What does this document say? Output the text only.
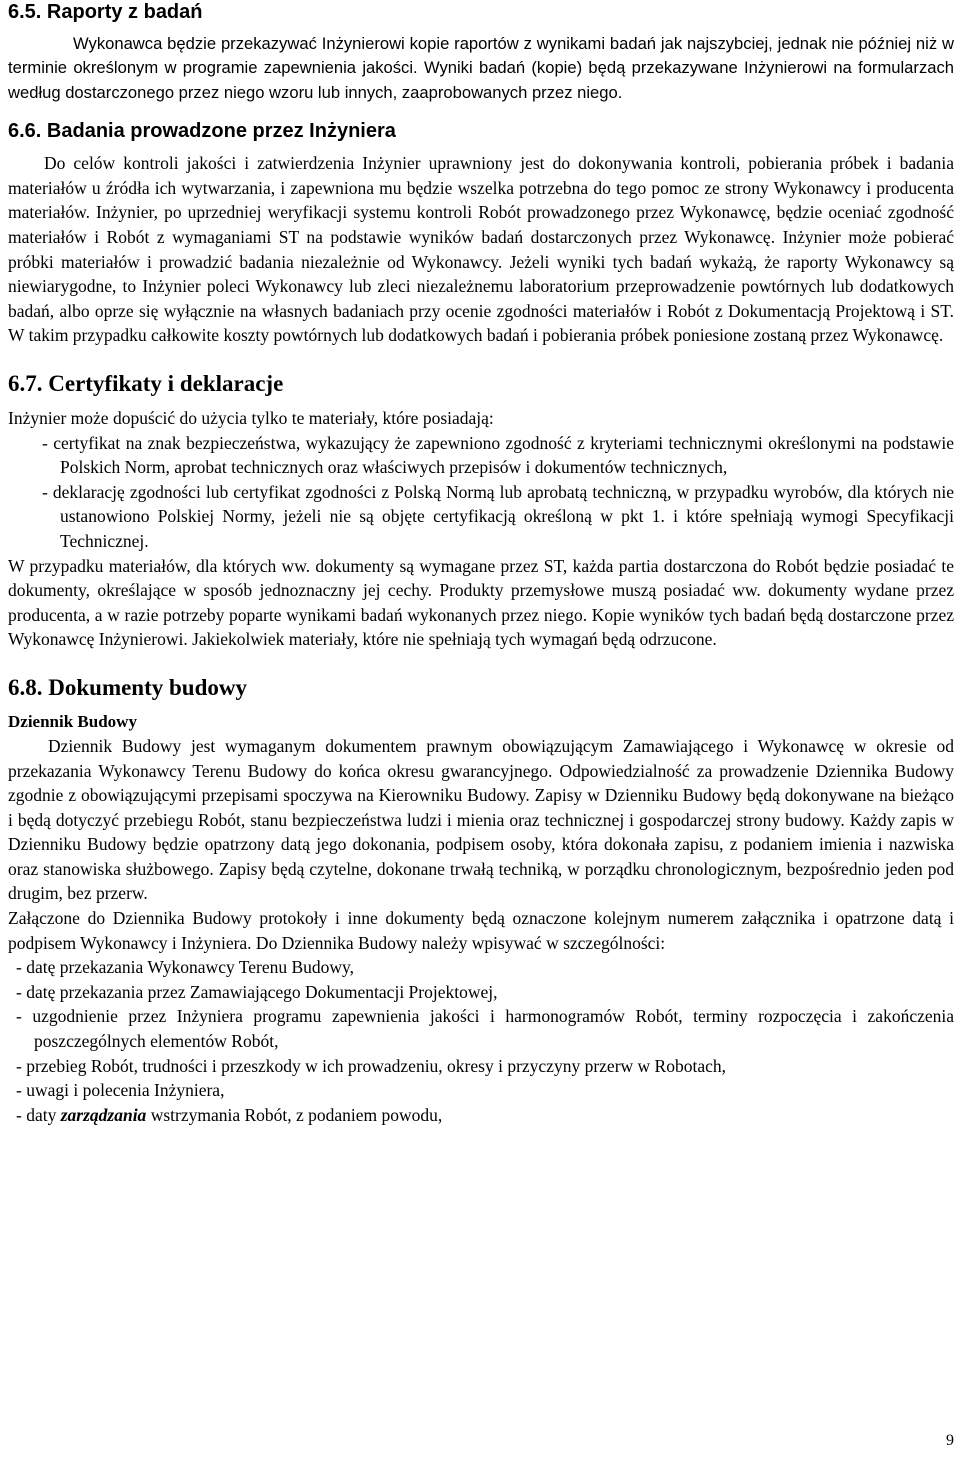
6.5. Raporty z badań

Wykonawca będzie przekazywać Inżynierowi kopie raportów z wynikami badań jak najszybciej, jednak nie później niż w terminie określonym w programie zapewnienia jakości. Wyniki badań (kopie) będą przekazywane Inżynierowi na formularzach według dostarczonego przez niego wzoru lub innych, zaaprobowanych przez niego.

6.6. Badania prowadzone przez Inżyniera

Do celów kontroli jakości i zatwierdzenia Inżynier uprawniony jest do dokonywania kontroli, pobierania próbek i badania materiałów u źródła ich wytwarzania, i zapewniona mu będzie wszelka potrzebna do tego pomoc ze strony Wykonawcy i producenta materiałów. Inżynier, po uprzedniej weryfikacji systemu kontroli Robót prowadzonego przez Wykonawcę, będzie oceniać zgodność materiałów i Robót z wymaganiami ST na podstawie wyników badań dostarczonych przez Wykonawcę. Inżynier może pobierać próbki materiałów i prowadzić badania niezależnie od Wykonawcy. Jeżeli wyniki tych badań wykażą, że raporty Wykonawcy są niewiarygodne, to Inżynier poleci Wykonawcy lub zleci niezależnemu laboratorium przeprowadzenie powtórnych lub dodatkowych badań, albo oprze się wyłącznie na własnych badaniach przy ocenie zgodności materiałów i Robót z Dokumentacją Projektową i ST. W takim przypadku całkowite koszty powtórnych lub dodatkowych badań i pobierania próbek poniesione zostaną przez Wykonawcę.

6.7. Certyfikaty i deklaracje

Inżynier może dopuścić do użycia tylko te materiały, które posiadają:

- certyfikat na znak bezpieczeństwa, wykazujący że zapewniono zgodność z kryteriami technicznymi określonymi na podstawie Polskich Norm, aprobat technicznych oraz właściwych przepisów i dokumentów technicznych,
- deklarację zgodności lub certyfikat zgodności z Polską Normą lub aprobatą techniczną, w przypadku wyrobów, dla których nie ustanowiono Polskiej Normy, jeżeli nie są objęte certyfikacją określoną w pkt 1. i które spełniają wymogi Specyfikacji Technicznej.

W przypadku materiałów, dla których ww. dokumenty są wymagane przez ST, każda partia dostarczona do Robót będzie posiadać te dokumenty, określające w sposób jednoznaczny jej cechy. Produkty przemysłowe muszą posiadać ww. dokumenty wydane przez producenta, a w razie potrzeby poparte wynikami badań wykonanych przez niego. Kopie wyników tych badań będą dostarczone przez Wykonawcę Inżynierowi. Jakiekolwiek materiały, które nie spełniają tych wymagań będą odrzucone.

6.8. Dokumenty budowy
Dziennik Budowy

Dziennik Budowy jest wymaganym dokumentem prawnym obowiązującym Zamawiającego i Wykonawcę w okresie od przekazania Wykonawcy Terenu Budowy do końca okresu gwarancyjnego. Odpowiedzialność za prowadzenie Dziennika Budowy zgodnie z obowiązującymi przepisami spoczywa na Kierowniku Budowy. Zapisy w Dzienniku Budowy będą dokonywane na bieżąco i będą dotyczyć przebiegu Robót, stanu bezpieczeństwa ludzi i mienia oraz technicznej i gospodarczej strony budowy. Każdy zapis w Dzienniku Budowy będzie opatrzony datą jego dokonania, podpisem osoby, która dokonała zapisu, z podaniem imienia i nazwiska oraz stanowiska służbowego. Zapisy będą czytelne, dokonane trwałą techniką, w porządku chronologicznym, bezpośrednio jeden pod drugim, bez przerw.

Załączone do Dziennika Budowy protokoły i inne dokumenty będą oznaczone kolejnym numerem załącznika i opatrzone datą i podpisem Wykonawcy i Inżyniera. Do Dziennika Budowy należy wpisywać w szczególności:

- datę przekazania Wykonawcy Terenu Budowy,
- datę przekazania przez Zamawiającego Dokumentacji Projektowej,
- uzgodnienie przez Inżyniera programu zapewnienia jakości i harmonogramów Robót, terminy rozpoczęcia i zakończenia poszczególnych elementów Robót,
- przebieg Robót, trudności i przeszkody w ich prowadzeniu, okresy i przyczyny przerw w Robotach,
- uwagi i polecenia Inżyniera,
- daty zarządzania wstrzymania Robót, z podaniem powodu,
9
